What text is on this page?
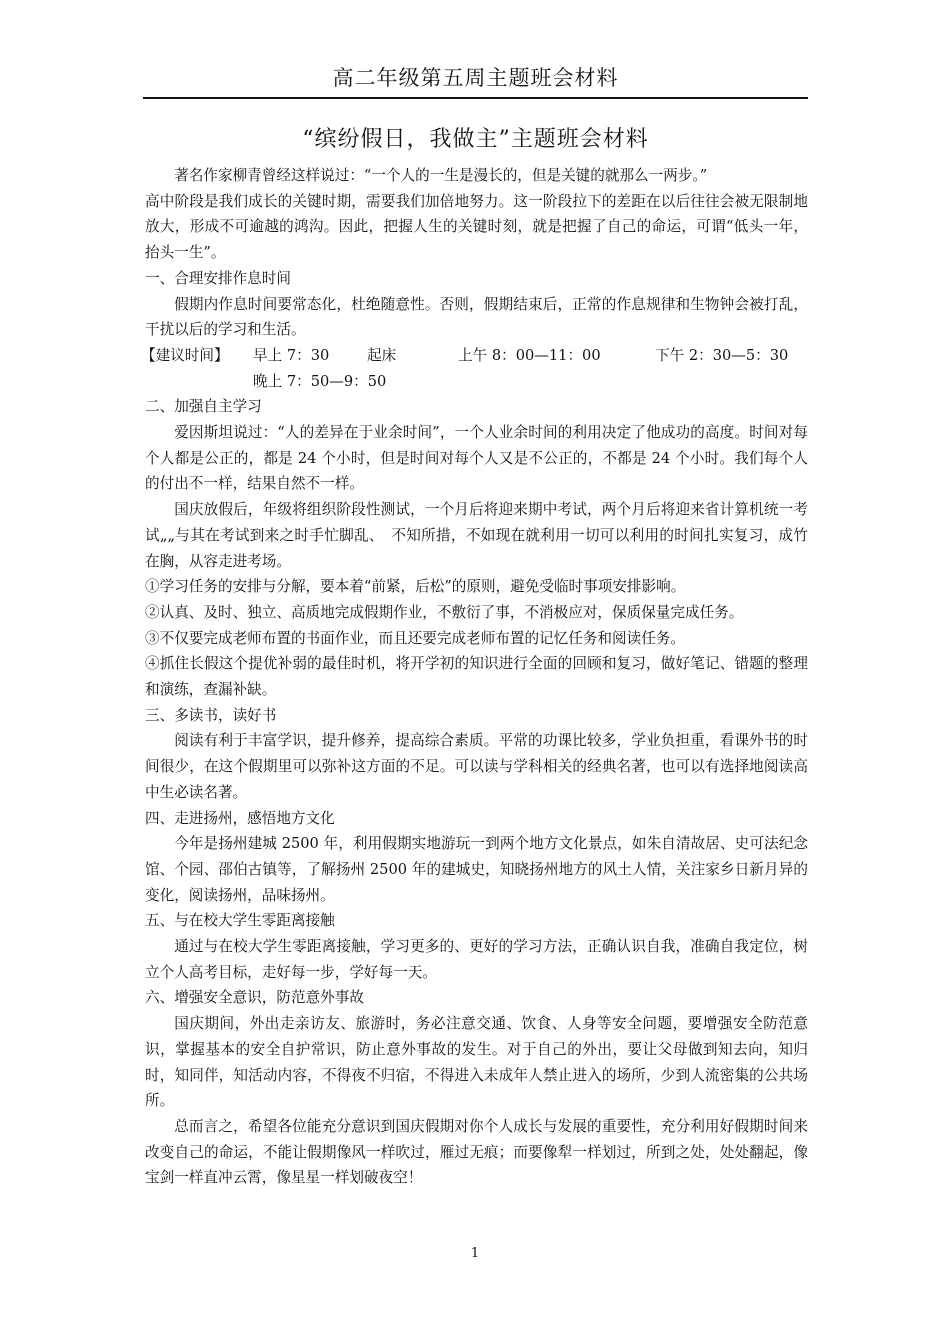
高二年级第五周主题班会材料
“缤纷假日，我做主”主题班会材料

著名作家柳青曾经这样说过：“一个人的一生是漫长的，但是关键的就那么一两步。”

高中阶段是我们成长的关键时期，需要我们加倍地努力。这一阶段拉下的差距在以后往往会被无限制地放大，形成不可逾越的鸿沟。因此，把握人生的关键时刻，就是把握了自己的命运，可谓“低头一年，抬头一生”。

一、合理安排作息时间

假期内作息时间要常态化，杜绝随意性。否则，假期结束后，正常的作息规律和生物钟会被打乱，干扰以后的学习和生活。

【建议时间】 早上 7：30	起床	上午 8：00—11：00	下午 2：30—5：30
晚上 7：50—9：50

二、加强自主学习

爱因斯坦说过：“人的差异在于业余时间”，一个人业余时间的利用决定了他成功的高度。时间对每个人都是公正的，都是 24 个小时，但是时间对每个人又是不公正的，不都是 24 个小时。我们每个人的付出不一样，结果自然不一样。

国庆放假后，年级将组织阶段性测试，一个月后将迎来期中考试，两个月后将迎来省计算机统一考试„„与其在考试到来之时手忙脚乱、　不知所措，不如现在就利用一切可以利用的时间扎实复习，成竹在胸，从容走进考场。

①学习任务的安排与分解，要本着“前紧，后松”的原则，避免受临时事项安排影响。

②认真、及时、独立、高质地完成假期作业，不敷衍了事，不消极应对，保质保量完成任务。

③不仅要完成老师布置的书面作业，而且还要完成老师布置的记忆任务和阅读任务。

④抓住长假这个提优补弱的最佳时机，将开学初的知识进行全面的回顾和复习，做好笔记、错题的整理和演练，查漏补缺。

三、多读书，读好书

阅读有利于丰富学识，提升修养，提高综合素质。平常的功课比较多，学业负担重，看课外书的时间很少，在这个假期里可以弥补这方面的不足。可以读与学科相关的经典名著，也可以有选择地阅读高中生必读名著。

四、走进扬州，感悟地方文化

今年是扬州建城 2500 年，利用假期实地游玩一到两个地方文化景点，如朱自清故居、史可法纪念馆、个园、邵伯古镇等，了解扬州 2500 年的建城史，知晓扬州地方的风土人情，关注家乡日新月异的变化，阅读扬州，品味扬州。

五、与在校大学生零距离接触

通过与在校大学生零距离接触，学习更多的、更好的学习方法，正确认识自我，准确自我定位，树立个人高考目标，走好每一步，学好每一天。

六、增强安全意识，防范意外事故

国庆期间，外出走亲访友、旅游时，务必注意交通、饮食、人身等安全问题，要增强安全防范意识，掌握基本的安全自护常识，防止意外事故的发生。对于自己的外出，要让父母做到知去向，知归时，知同伴，知活动内容，不得夜不归宿，不得进入未成年人禁止进入的场所，少到人流密集的公共场所。

总而言之，希望各位能充分意识到国庆假期对你个人成长与发展的重要性，充分利用好假期时间来改变自己的命运，不能让假期像风一样吹过，雁过无痕；而要像犁一样划过，所到之处，处处翻起，像宝剑一样直冲云霄，像星星一样划破夜空！

1
